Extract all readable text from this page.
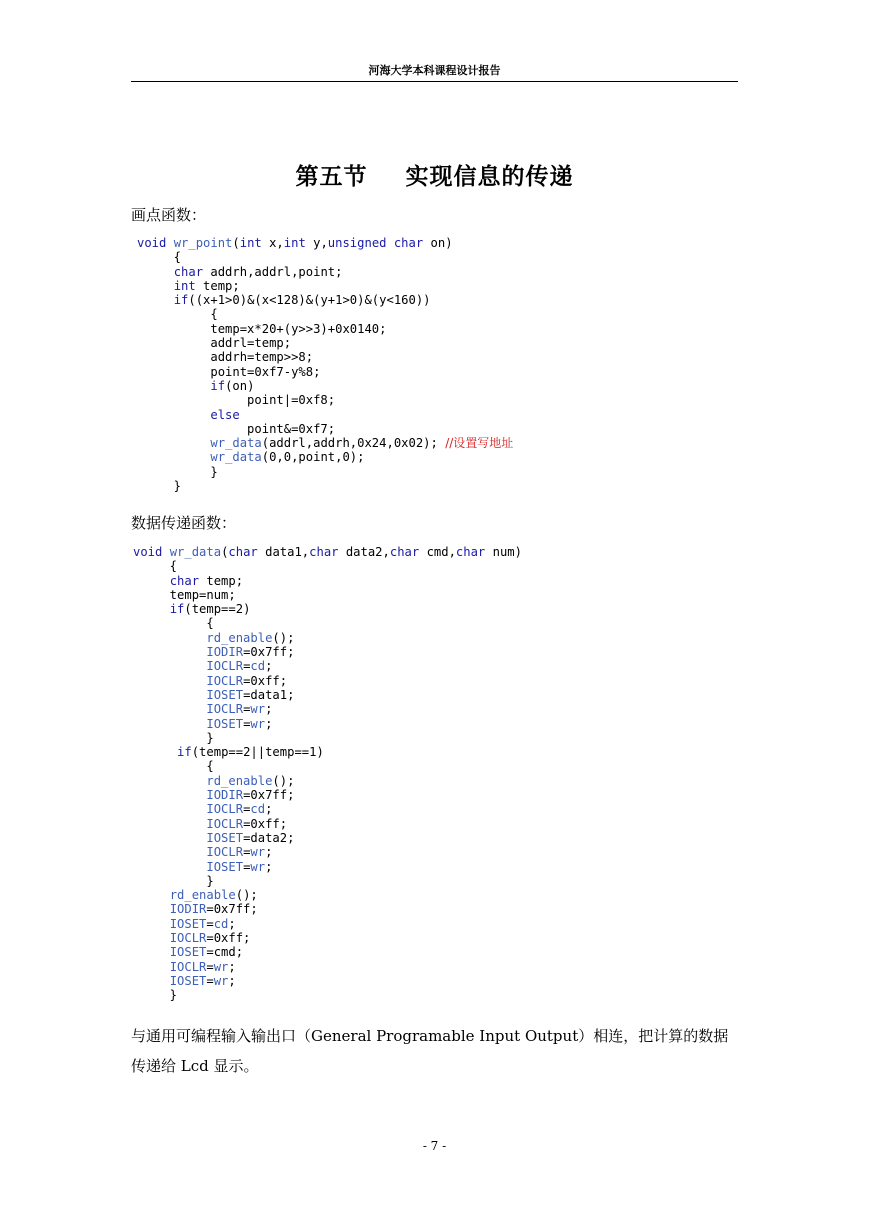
河海大学本科课程设计报告
第五节 实现信息的传递
画点函数：
void wr_point(int x,int y,unsigned char on)
{
char addrh,addrl,point;
int temp;
if((x+1>0)&(x<128)&(y+1>0)&(y<160))
{
temp=x*20+(y>>3)+0x0140;
addrl=temp;
addrh=temp>>8;
point=0xf7-y%8;
if(on)
point|=0xf8;
else
point&=0xf7;
wr_data(addrl,addrh,0x24,0x02); //设置写地址
wr_data(0,0,point,0);
}
}
数据传递函数：
void wr_data(char data1,char data2,char cmd,char num)
{
char temp;
temp=num;
if(temp==2)
{
rd_enable();
IODIR=0x7ff;
IOCLR=cd;
IOCLR=0xff;
IOSET=data1;
IOCLR=wr;
IOSET=wr;
}
if(temp==2||temp==1)
{
rd_enable();
IODIR=0x7ff;
IOCLR=cd;
IOCLR=0xff;
IOSET=data2;
IOCLR=wr;
IOSET=wr;
}
rd_enable();
IODIR=0x7ff;
IOSET=cd;
IOCLR=0xff;
IOSET=cmd;
IOCLR=wr;
IOSET=wr;
}
与通用可编程输入输出口（General Programable Input Output）相连，把计算的数据传递给 Lcd 显示。
- 7 -
